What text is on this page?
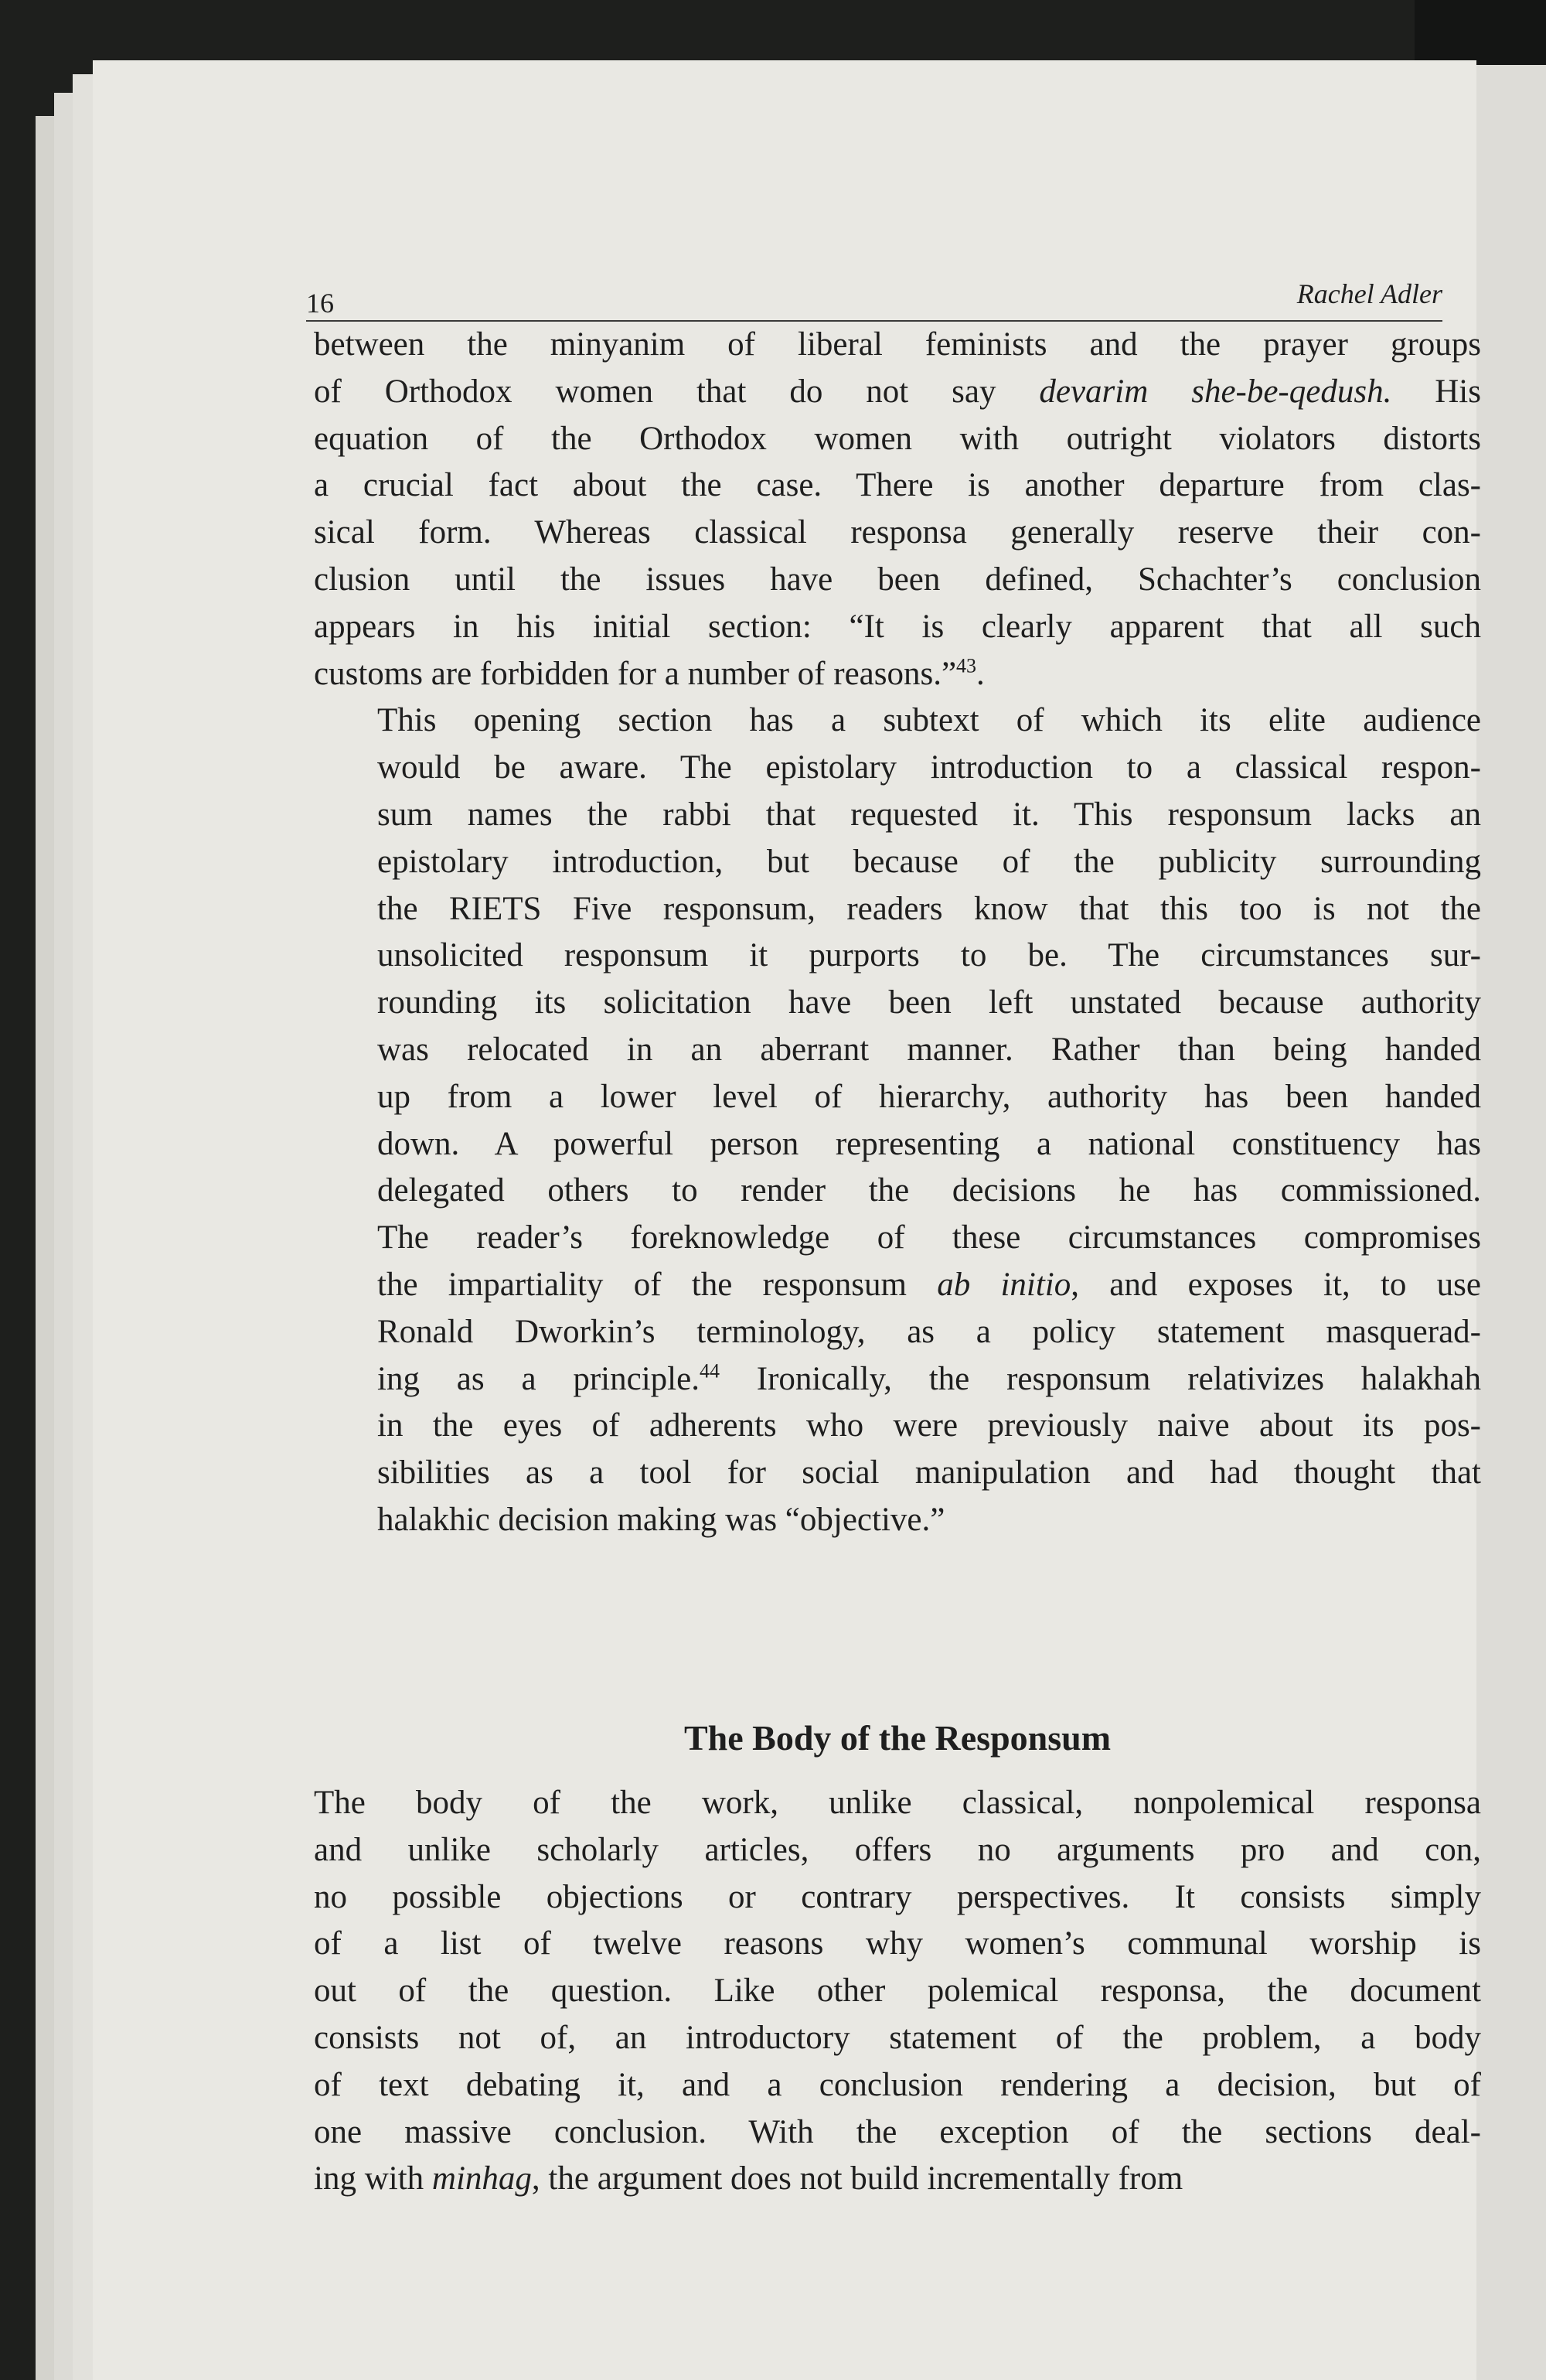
16	Rachel Adler

between the minyanim of liberal feminists and the prayer groups
of Orthodox women that do not say devarim she-be-qedush. His
equation of the Orthodox women with outright violators distorts
a crucial fact about the case. There is another departure from clas-
sical form. Whereas classical responsa generally reserve their con-
clusion until the issues have been defined, Schachter’s conclusion
appears in his initial section: “It is clearly apparent that all such
customs are forbidden for a number of reasons.”$^{43}$.

This opening section has a subtext of which its elite audience
would be aware. The epistolary introduction to a classical respon-
sum names the rabbi that requested it. This responsum lacks an
epistolary introduction, but because of the publicity surrounding
the RIETS Five responsum, readers know that this too is not the
unsolicited responsum it purports to be. The circumstances sur-
rounding its solicitation have been left unstated because authority
was relocated in an aberrant manner. Rather than being handed
up from a lower level of hierarchy, authority has been handed
down. A powerful person representing a national constituency has
delegated others to render the decisions he has commissioned.
The reader’s foreknowledge of these circumstances compromises
the impartiality of the responsum ab initio, and exposes it, to use
Ronald Dworkin’s terminology, as a policy statement masquerad-
ing as a principle.$^{44}$ Ironically, the responsum relativizes halakhah
in the eyes of adherents who were previously naive about its pos-
sibilities as a tool for social manipulation and had thought that
halakhic decision making was “objective.”

The Body of the Responsum

The body of the work, unlike classical, nonpolemical responsa
and unlike scholarly articles, offers no arguments pro and con,
no possible objections or contrary perspectives. It consists simply
of a list of twelve reasons why women’s communal worship is
out of the question. Like other polemical responsa, the document
consists not of, an introductory statement of the problem, a body
of text debating it, and a conclusion rendering a decision, but of
one massive conclusion. With the exception of the sections deal-
ing with minhag, the argument does not build incrementally from
